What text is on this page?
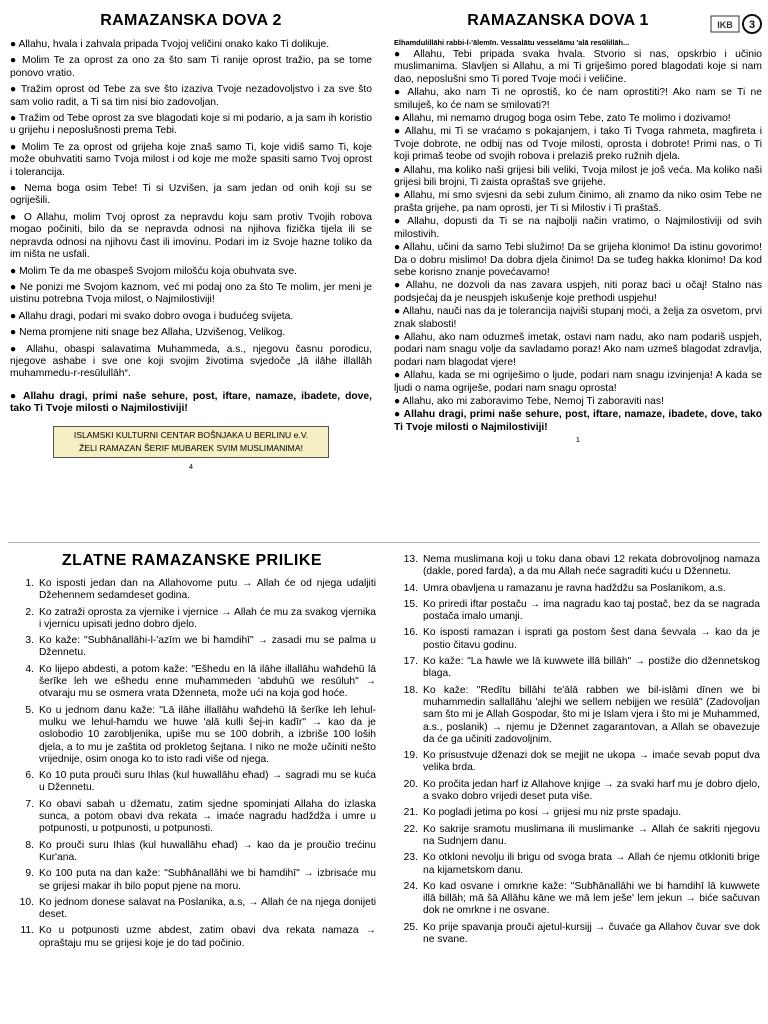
RAMAZANSKA DOVA 2

● Allahu, hvala i zahvala pripada Tvojoj veličini onako kako Ti dolikuje.

● Molim Te za oprost za ono za što sam Ti ranije oprost tražio, pa se tome ponovo vratio.

● Tražim oprost od Tebe za sve što izaziva Tvoje nezadovoljstvo i za sve što sam volio radit, a Ti sa tim nisi bio zadovoljan.

● Tražim od Tebe oprost za sve blagodati koje si mi podario, a ja sam ih koristio u grijehu i neposlušnosti prema Tebi.

● Molim Te za oprost od grijeha koje znaš samo Ti, koje vidiš samo Ti, koje može obuhvatiti samo Tvoja milost i od koje me može spasiti samo Tvoj oprost i tolerancija.

● Nema boga osim Tebe! Ti si Uzvišen, ja sam jedan od onih koji su se ogriješili.

● O Allahu, molim Tvoj oprost za nepravdu koju sam protiv Tvojih robova mogao počiniti, bilo da se nepravda odnosi na njihova fizička tijela ili se nepravda odnosi na njihovu čast ili imovinu. Podari im iz Svoje hazne toliko da im ništa ne usfali.

● Molim Te da me obaspeš Svojom milošću koja obuhvata sve.

● Ne ponizi me Svojom kaznom, već mi podaj ono za što Te molim, jer meni je uistinu potrebna Tvoja milost, o Najmilostiviji!

● Allahu dragi, podari mi svako dobro ovoga i budućeg svijeta.

● Nema promjene niti snage bez Allaha, Uzvišenog, Velikog.

● Allahu, obaspi salavatima Muhammeda, a.s., njegovu časnu porodicu, njegove ashabe i sve one koji svojim životima svjedoče „lā ilāhe illallāh muhammedu-r-resūlullāh“.

● Allahu dragi, primi naše sehure, post, iftare, namaze, ibadete, dove, tako Ti Tvoje milosti o Najmilostiviji!

ISLAMSKI KULTURNI CENTAR BOŠNJAKA U BERLINU e.V.
ŽELI RAMAZAN ŠERIF MUBAREK SVIM MUSLIMANIMA!
4
RAMAZANSKA DOVA 1	IKB 3

Elhamdulillāhi rabbi-l-'ālemīn. Vessalātu vesselāmu 'alā resūlillāh...

● Allahu, Tebi pripada svaka hvala. Stvorio si nas, opskrbio i učinio muslimanima. Slavljen si Allahu, a mi Ti griješimo pored blagodati koje si nam dao, neposlušni smo Ti pored Tvoje moći i veličine.

● Allahu, ako nam Ti ne oprostiš, ko će nam oprostiti?! Ako nam se Ti ne smiluješ, ko će nam se smilovati?!

● Allahu, mi nemamo drugog boga osim Tebe, zato Te molimo i dozivamo!

● Allahu, mi Ti se vraćamo s pokajanjem, i tako Ti Tvoga rahmeta, magfireta i Tvoje dobrote, ne odbij nas od Tvoje milosti, oprosta i dobrote! Primi nas, o Ti koji primaš teobe od svojih robova i prelaziš preko ružnih djela.

● Allahu, ma koliko naši grijesi bili veliki, Tvoja milost je još veća. Ma koliko naši grijesi bili brojni, Ti zaista opraštaš sve grijehe.

● Allahu, mi smo svjesni da sebi zulum činimo, ali znamo da niko osim Tebe ne prašta grijehe, pa nam oprosti, jer Ti si Milostiv i Ti praštaš.

● Allahu, dopusti da Ti se na najbolji način vratimo, o Najmilostiviji od svih milostivih.

● Allahu, učini da samo Tebi služimo! Da se grijeha klonimo! Da istinu govorimo! Da o dobru mislimo! Da dobra djela činimo! Da se tuđeg hakka klonimo! Da kod sebe korisno znanje povećavamo!

● Allahu, ne dozvoli da nas zavara uspjeh, niti poraz baci u očaj! Stalno nas podsjećaj da je neuspjeh iskušenje koje prethodi uspjehu!

● Allahu, nauči nas da je tolerancija najviši stupanj moći, a želja za osvetom, prvi znak slabosti!

● Allahu, ako nam oduzmeš imetak, ostavi nam nadu, ako nam podariš uspjeh, podari nam snagu volje da savladamo poraz! Ako nam uzmeš blagodat zdravlja, podari nam blagodat vjere!

● Allahu, kada se mi ogriješimo o ljude, podari nam snagu izvinjenja! A kada se ljudi o nama ogriješe, podari nam snagu oprosta!

● Allahu, ako mi zaboravimo Tebe, Nemoj Ti zaboraviti nas!

● Allahu dragi, primi naše sehure, post, iftare, namaze, ibadete, dove, tako Ti Tvoje milosti o Najmilostiviji!

1
ZLATNE RAMAZANSKE PRILIKE
1. Ko isposti jedan dan na Allahovome putu → Allah će od njega udaljiti Džehennem sedamdeset godina.
2. Ko zatraži oprosta za vjernike i vjernice → Allah će mu za svakog vjernika i vjernicu upisati jedno dobro djelo.
3. Ko kaže: "Subhānallāhi-l-'azīm we bi ħamdihī" → zasadi mu se palma u Džennetu.
4. Ko lijepo abdesti, a potom kaže: "Ešhedu en lā ilāhe illallāhu waħdehū lā šerīke leh we ešhedu enne muħammeden 'abduhū we resūluh" → otvaraju mu se osmera vrata Dženneta, može ući na koja god hoće.
5. Ko u jednom danu kaže: "Lā ilāhe illallāhu waħdehū lā šerīke leh lehul-mulku we lehul-ħamdu we huwe 'alā kulli šej-in kadīr" → kao da je oslobodio 10 zarobljenika, upiše mu se 100 dobrih, a izbriše 100 loših djela, a to mu je zaštita od prokletog šejtana. I niko ne može učiniti nešto vrijednije, osim onoga ko to isto radi više od njega.
6. Ko 10 puta prouči suru Ihlas (kul huwallāhu eħad) → sagradi mu se kuća u Džennetu.
7. Ko obavi sabah u džematu, zatim sjedne spominjati Allaha do izlaska sunca, a potom obavi dva rekata → imaće nagradu hadždža i umre u potpunosti, u potpunosti, u potpunosti.
8. Ko prouči suru Ihlas (kul huwallāhu eħad) → kao da je proučio trećinu Kur'ana.
9. Ko 100 puta na dan kaže: "Subħānallāhi we bi ħamdihī" → izbrisaće mu se grijesi makar ih bilo poput pjene na moru.
10. Ko jednom donese salavat na Poslanika, a.s, → Allah će na njega donijeti deset.
11. Ko u potpunosti uzme abdest, zatim obavi dva rekata namaza → opraštaju mu se grijesi koje je do tad počinio.
13. Nema muslimana koji u toku dana obavi 12 rekata dobrovoljnog namaza (dakle, pored farda), a da mu Allah neće sagraditi kuću u Džennetu.
14. Umra obavljena u ramazanu je ravna hadždžu sa Poslanikom, a.s.
15. Ko priredi iftar postaču → ima nagradu kao taj postač, bez da se nagrada postača imalo umanji.
16. Ko isposti ramazan i isprati ga postom šest dana ševvala → kao da je postio čitavu godinu.
17. Ko kaže: "La ħawle we lā kuwwete illā billāh" → postiže dio džennetskog blaga.
18. Ko kaže: "Redītu billāhi te'ālā rabben we bil-islāmi dīnen we bi muhammedin sallallāhu 'alejhi we sellem nebijjen we resūlā" (Zadovoljan sam što mi je Allah Gospodar, što mi je Islam vjera i što mi je Muhammed, a.s., poslanik) → njemu je Džennet zagarantovan, a Allah se obavezuje da će ga učiniti zadovoljnim.
19. Ko prisustvuje dženazi dok se mejjit ne ukopa → imaće sevab poput dva velika brda.
20. Ko pročita jedan harf iz Allahove knjige → za svaki harf mu je dobro djelo, a svako dobro vrijedi deset puta više.
21. Ko pogladi jetima po kosi → grijesi mu niz prste spadaju.
22. Ko sakrije sramotu muslimana ili muslimanke → Allah će sakriti njegovu na Sudnjem danu.
23. Ko otkloni nevolju ili brigu od svoga brata → Allah će njemu otkloniti brige na kijametskom danu.
24. Ko kad osvane i omrkne kaže: "Subħānallāhi we bi ħamdihī lā kuwwete illā billāh; mā šā Allāhu kāne we mā lem ješe' lem jekun → biće sačuvan dok ne omrkne i ne osvane.
25. Ko prije spavanja prouči ajetul-kursijj → čuvaće ga Allahov čuvar sve dok ne svane.
